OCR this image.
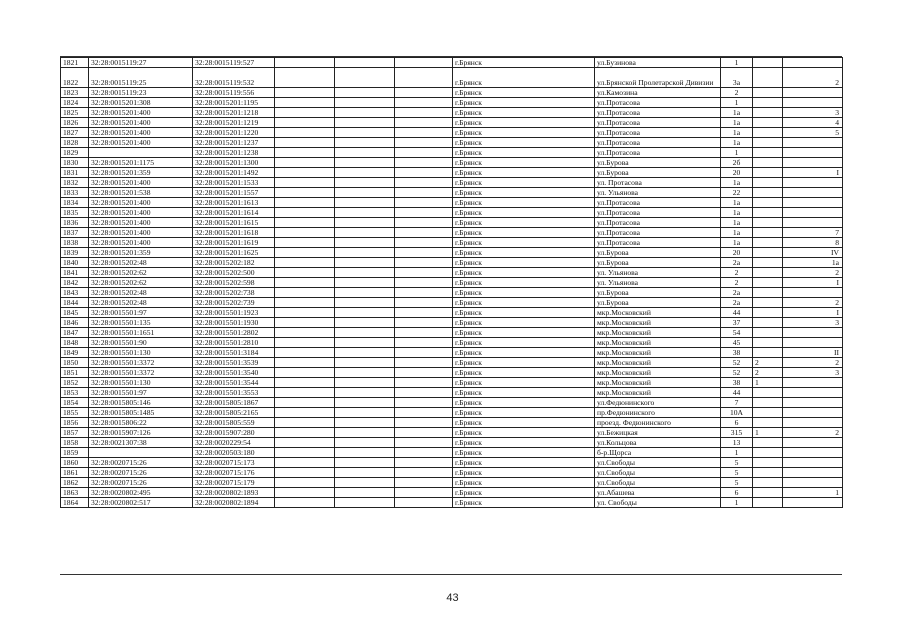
1821	32:28:0015119:27	32:28:0015119:527				г.Брянск	ул.Бузинова	1		
1822	32:28:0015119:25	32:28:0015119:532				г.Брянск	ул.Брянской Пролетарской Дивизии	3а		2
1823	32:28:0015119:23	32:28:0015119:556				г.Брянск	ул.Камозина	2		
1824	32:28:0015201:308	32:28:0015201:1195				г.Брянск	ул.Протасова	1		
1825	32:28:0015201:400	32:28:0015201:1218				г.Брянск	ул.Протасова	1а		3
1826	32:28:0015201:400	32:28:0015201:1219				г.Брянск	ул.Протасова	1а		4
1827	32:28:0015201:400	32:28:0015201:1220				г.Брянск	ул.Протасова	1а		5
1828	32:28:0015201:400	32:28:0015201:1237				г.Брянск	ул.Протасова	1а		
1829		32:28:0015201:1238				г.Брянск	ул.Протасова	1		
1830	32:28:0015201:1175	32:28:0015201:1300				г.Брянск	ул.Бурова	2б		
1831	32:28:0015201:359	32:28:0015201:1492				г.Брянск	ул.Бурова	20		I
1832	32:28:0015201:400	32:28:0015201:1533				г.Брянск	ул. Протасова	1а		
1833	32:28:0015201:538	32:28:0015201:1557				г.Брянск	ул. Ульянова	22		
1834	32:28:0015201:400	32:28:0015201:1613				г.Брянск	ул.Протасова	1а		
1835	32:28:0015201:400	32:28:0015201:1614				г.Брянск	ул.Протасова	1а		
1836	32:28:0015201:400	32:28:0015201:1615				г.Брянск	ул.Протасова	1а		
1837	32:28:0015201:400	32:28:0015201:1618				г.Брянск	ул.Протасова	1а		7
1838	32:28:0015201:400	32:28:0015201:1619				г.Брянск	ул.Протасова	1а		8
1839	32:28:0015201:359	32:28:0015201:1625				г.Брянск	ул.Бурова	20		IV
1840	32:28:0015202:48	32:28:0015202:182				г.Брянск	ул.Бурова	2а		1а
1841	32:28:0015202:62	32:28:0015202:500				г.Брянск	ул. Ульянова	2		2
1842	32:28:0015202:62	32:28:0015202:598				г.Брянск	ул. Ульянова	2		I
1843	32:28:0015202:48	32:28:0015202:738				г.Брянск	ул.Бурова	2а		
1844	32:28:0015202:48	32:28:0015202:739				г.Брянск	ул.Бурова	2а		2
1845	32:28:0015501:97	32:28:0015501:1923				г.Брянск	мкр.Московский	44		I
1846	32:28:0015501:135	32:28:0015501:1930				г.Брянск	мкр.Московский	37		3
1847	32:28:0015501:1651	32:28:0015501:2802				г.Брянск	мкр.Московский	54		
1848	32:28:0015501:90	32:28:0015501:2810				г.Брянск	мкр.Московский	45		
1849	32:28:0015501:130	32:28:0015501:3184				г.Брянск	мкр.Московский	38		II
1850	32:28:0015501:3372	32:28:0015501:3539				г.Брянск	мкр.Московский	52	2	2
1851	32:28:0015501:3372	32:28:0015501:3540				г.Брянск	мкр.Московский	52	2	3
1852	32:28:0015501:130	32:28:0015501:3544				г.Брянск	мкр.Московский	38	1	
1853	32:28:0015501:97	32:28:0015501:3553				г.Брянск	мкр.Московский	44		
1854	32:28:0015805:146	32:28:0015805:1867				г.Брянск	ул.Федюнинского	7		
1855	32:28:0015805:1485	32:28:0015805:2165				г.Брянск	пр.Федюнинского	10А		
1856	32:28:0015806:22	32:28:0015805:559				г.Брянск	проезд. Федюнинского	6		
1857	32:28:0015907:126	32:28:0015907:280				г.Брянск	ул.Бежицкая	315	1	2
1858	32:28:0021307:38	32:28:0020229:54				г.Брянск	ул.Кольцова	13		
1859		32:28:0020503:180				г.Брянск	б-р.Щорса	1		
1860	32:28:0020715:26	32:28:0020715:173				г.Брянск	ул.Свободы	5		
1861	32:28:0020715:26	32:28:0020715:176				г.Брянск	ул.Свободы	5		
1862	32:28:0020715:26	32:28:0020715:179				г.Брянск	ул.Свободы	5		
1863	32:28:0020802:495	32:28:0020802:1893				г.Брянск	ул.Абашева	6		1
1864	32:28:0020802:517	32:28:0020802:1894				г.Брянск	ул. Свободы	1		
43
